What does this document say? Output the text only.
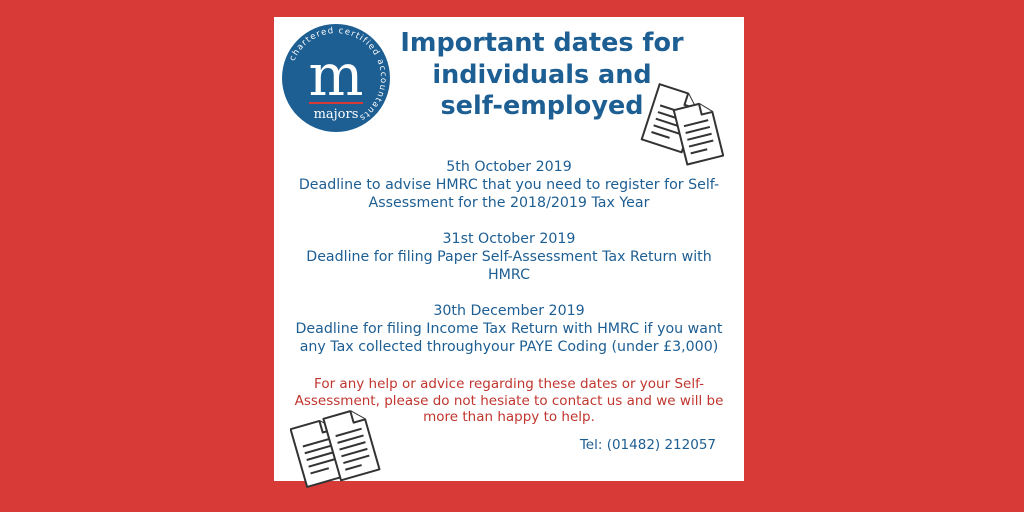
chartered certified accountants
m
majors
Important dates for
individuals and
self-employed
5th October 2019
Deadline to advise HMRC that you need to register for Self-
Assessment for the 2018/2019 Tax Year
31st October 2019
Deadline for filing Paper Self-Assessment Tax Return with
HMRC
30th December 2019
Deadline for filing Income Tax Return with HMRC if you want
any Tax collected throughyour PAYE Coding (under £3,000)
For any help or advice regarding these dates or your Self-
Assessment, please do not hesiate to contact us and we will be
more than happy to help.
Tel: (01482) 212057
